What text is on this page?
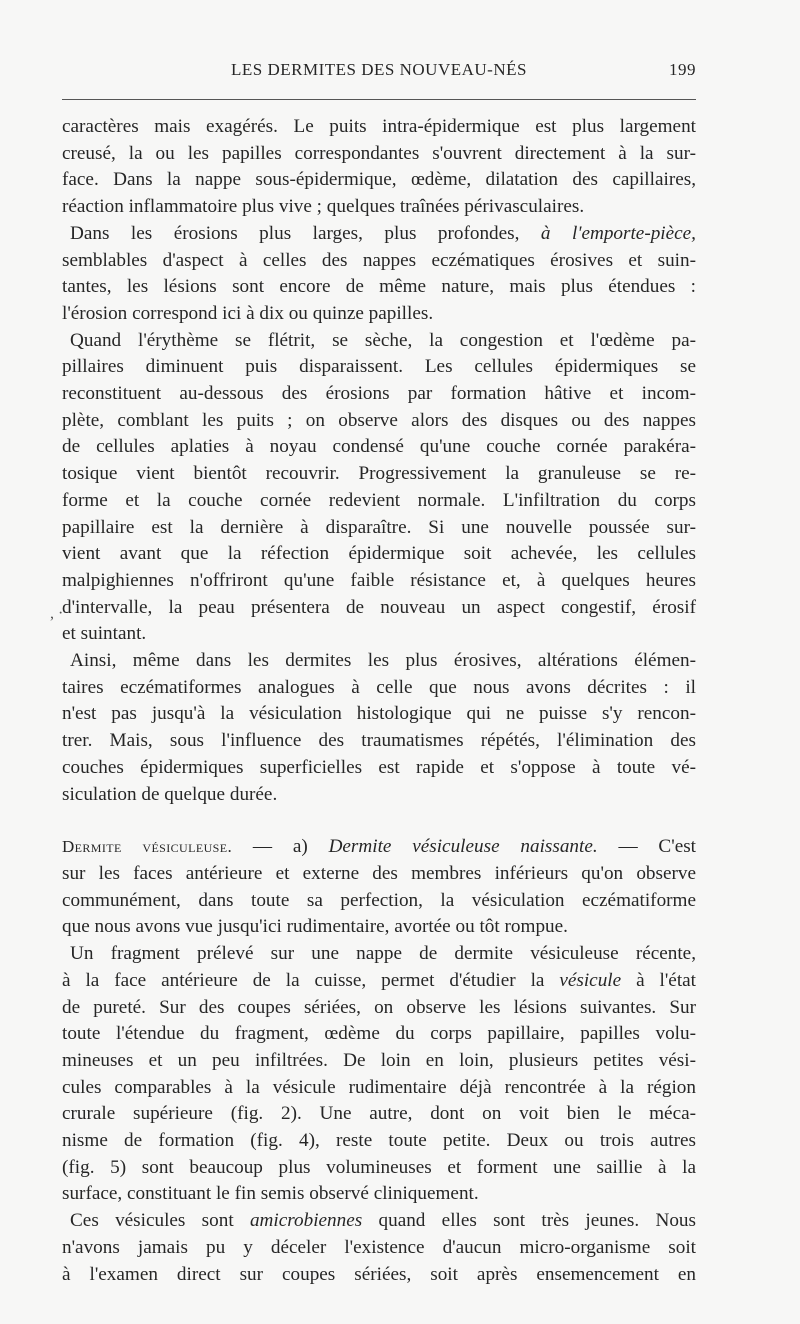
LES DERMITES DES NOUVEAU-NÉS	199
, ·

caractères mais exagérés. Le puits intra-épidermique est plus largement
creusé, la ou les papilles correspondantes s'ouvrent directement à la sur-
face. Dans la nappe sous-épidermique, œdème, dilatation des capillaires,
réaction inflammatoire plus vive ; quelques traînées périvasculaires.

Dans les érosions plus larges, plus profondes, à l'emporte-pièce,
semblables d'aspect à celles des nappes eczématiques érosives et suin-
tantes, les lésions sont encore de même nature, mais plus étendues :
l'érosion correspond ici à dix ou quinze papilles.

Quand l'érythème se flétrit, se sèche, la congestion et l'œdème pa-
pillaires diminuent puis disparaissent. Les cellules épidermiques se
reconstituent au-dessous des érosions par formation hâtive et incom-
plète, comblant les puits ; on observe alors des disques ou des nappes
de cellules aplaties à noyau condensé qu'une couche cornée parakéra-
tosique vient bientôt recouvrir. Progressivement la granuleuse se re-
forme et la couche cornée redevient normale. L'infiltration du corps
papillaire est la dernière à disparaître. Si une nouvelle poussée sur-
vient avant que la réfection épidermique soit achevée, les cellules
malpighiennes n'offriront qu'une faible résistance et, à quelques heures
d'intervalle, la peau présentera de nouveau un aspect congestif, érosif
et suintant.

Ainsi, même dans les dermites les plus érosives, altérations élémen-
taires eczématiformes analogues à celle que nous avons décrites : il
n'est pas jusqu'à la vésiculation histologique qui ne puisse s'y rencon-
trer. Mais, sous l'influence des traumatismes répétés, l'élimination des
couches épidermiques superficielles est rapide et s'oppose à toute vé-
siculation de quelque durée.

Dermite vésiculeuse. — a) Dermite vésiculeuse naissante. — C'est
sur les faces antérieure et externe des membres inférieurs qu'on observe
communément, dans toute sa perfection, la vésiculation eczématiforme
que nous avons vue jusqu'ici rudimentaire, avortée ou tôt rompue.

Un fragment prélevé sur une nappe de dermite vésiculeuse récente,
à la face antérieure de la cuisse, permet d'étudier la vésicule à l'état
de pureté. Sur des coupes sériées, on observe les lésions suivantes. Sur
toute l'étendue du fragment, œdème du corps papillaire, papilles volu-
mineuses et un peu infiltrées. De loin en loin, plusieurs petites vési-
cules comparables à la vésicule rudimentaire déjà rencontrée à la région
crurale supérieure (fig. 2). Une autre, dont on voit bien le méca-
nisme de formation (fig. 4), reste toute petite. Deux ou trois autres
(fig. 5) sont beaucoup plus volumineuses et forment une saillie à la
surface, constituant le fin semis observé cliniquement.

Ces vésicules sont amicrobiennes quand elles sont très jeunes. Nous
n'avons jamais pu y déceler l'existence d'aucun micro-organisme soit
à l'examen direct sur coupes sériées, soit après ensemencement en
